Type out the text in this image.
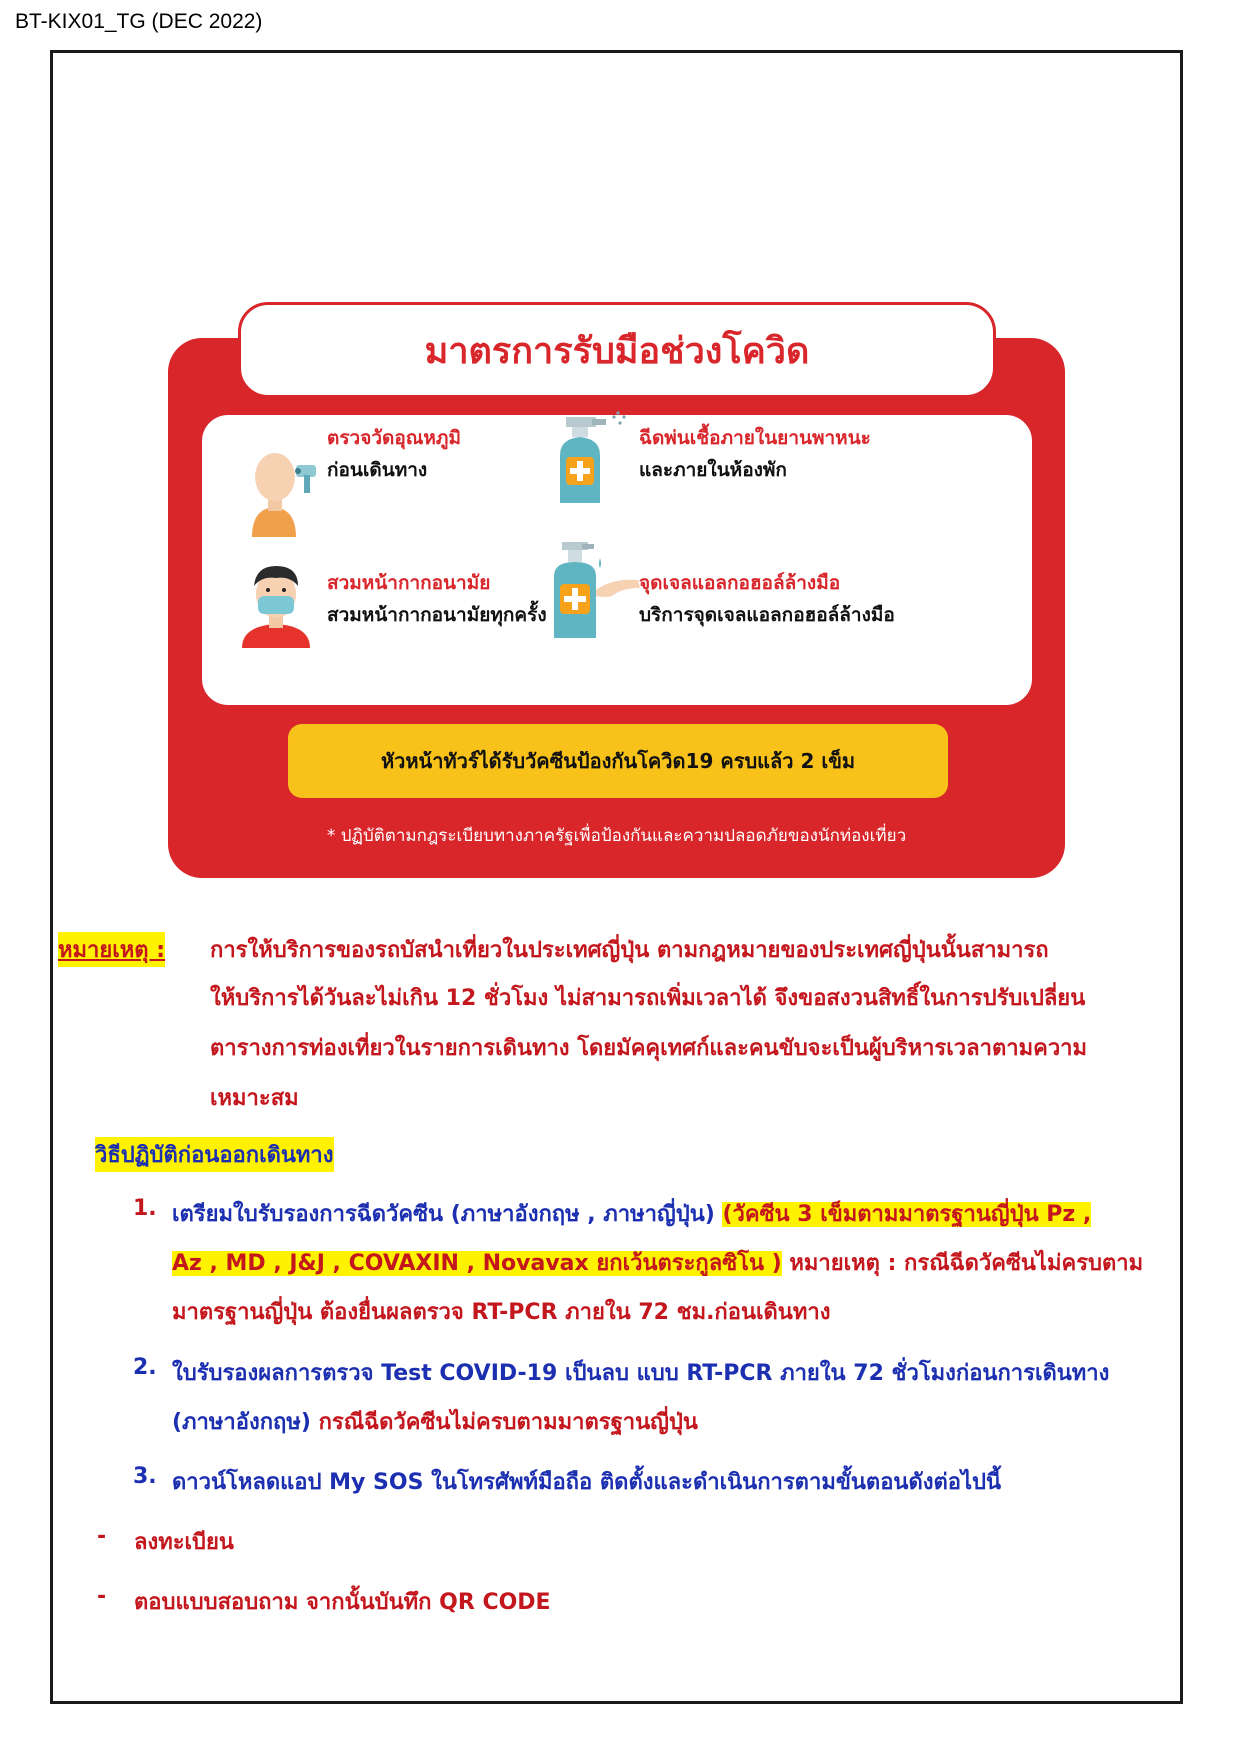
BT-KIX01_TG (DEC 2022)
มาตรการรับมือช่วงโควิด
ตรวจวัดอุณหภูมิ
ก่อนเดินทาง
ฉีดพ่นเชื้อภายในยานพาหนะ
และภายในห้องพัก
สวมหน้ากากอนามัย
สวมหน้ากากอนามัยทุกครั้ง
จุดเจลแอลกอฮอล์ล้างมือ
บริการจุดเจลแอลกอฮอล์ล้างมือ
หัวหน้าทัวร์ได้รับวัคซีนป้องกันโควิด19 ครบแล้ว 2 เข็ม
* ปฏิบัติตามกฎระเบียบทางภาครัฐเพื่อป้องกันและความปลอดภัยของนักท่องเที่ยว
หมายเหตุ : การให้บริการของรถบัสนำเที่ยวในประเทศญี่ปุ่น ตามกฎหมายของประเทศญี่ปุ่นนั้นสามารถ
ให้บริการได้วันละไม่เกิน 12 ชั่วโมง ไม่สามารถเพิ่มเวลาได้ จึงขอสงวนสิทธิ์ในการปรับเปลี่ยน
ตารางการท่องเที่ยวในรายการเดินทาง โดยมัคคุเทศก์และคนขับจะเป็นผู้บริหารเวลาตามความ
เหมาะสม
วิธีปฏิบัติก่อนออกเดินทาง
1. เตรียมใบรับรองการฉีดวัคซีน (ภาษาอังกฤษ , ภาษาญี่ปุ่น) (วัคซีน 3 เข็มตามมาตรฐานญี่ปุ่น Pz ,
Az , MD , J&J , COVAXIN , Novavax ยกเว้นตระกูลซิโน ) หมายเหตุ : กรณีฉีดวัคซีนไม่ครบตาม
มาตรฐานญี่ปุ่น ต้องยื่นผลตรวจ RT-PCR ภายใน 72 ชม.ก่อนเดินทาง
2. ใบรับรองผลการตรวจ Test COVID-19 เป็นลบ แบบ RT-PCR ภายใน 72 ชั่วโมงก่อนการเดินทาง
(ภาษาอังกฤษ) กรณีฉีดวัคซีนไม่ครบตามมาตรฐานญี่ปุ่น
3. ดาวน์โหลดแอป My SOS ในโทรศัพท์มือถือ ติดตั้งและดำเนินการตามขั้นตอนดังต่อไปนี้
- ลงทะเบียน
- ตอบแบบสอบถาม จากนั้นบันทึก QR CODE
